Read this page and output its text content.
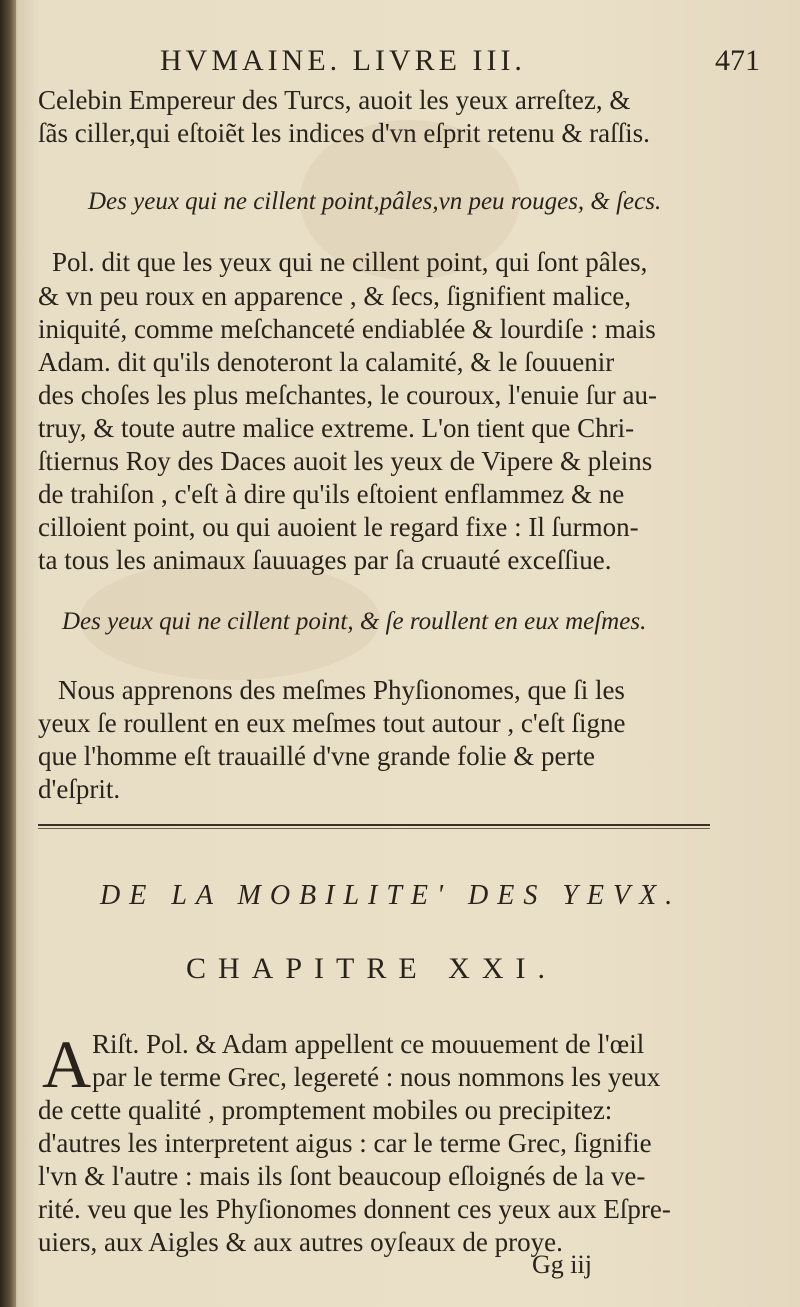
HVMAINE. LIVRE III.	471
Celebin Empereur des Turcs, auoit les yeux arreſtez, &
ſãs ciller,qui eſtoiẽt les indices d'vn eſprit retenu & raſſis.
Des yeux qui ne cillent point,pâles,vn peu rouges, & ſecs.
Pol. dit que les yeux qui ne cillent point, qui ſont pâles,
& vn peu roux en apparence , & ſecs, ſignifient malice,
iniquité, comme meſchanceté endiablée & lourdiſe : mais
Adam. dit qu'ils denoteront la calamité, & le ſouuenir
des choſes les plus meſchantes, le couroux, l'enuie ſur au-
truy, & toute autre malice extreme. L'on tient que Chri-
ſtiernus Roy des Daces auoit les yeux de Vipere & pleins
de trahiſon , c'eſt à dire qu'ils eſtoient enflammez & ne
cilloient point, ou qui auoient le regard fixe : Il ſurmon-
ta tous les animaux ſauuages par ſa cruauté exceſſiue.
Des yeux qui ne cillent point, & ſe roullent en eux meſmes.
Nous apprenons des meſmes Phyſionomes, que ſi les
yeux ſe roullent en eux meſmes tout autour , c'eſt ſigne
que l'homme eſt trauaillé d'vne grande folie & perte
d'eſprit.
DE LA MOBILITE' DES YEVX.
CHAPITRE XXI.
A Riſt. Pol. & Adam appellent ce mouuement de l'œil
par le terme Grec, legereté : nous nommons les yeux
de cette qualité , promptement mobiles ou precipitez:
d'autres les interpretent aigus : car le terme Grec, ſignifie
l'vn & l'autre : mais ils ſont beaucoup eſloignés de la ve-
rité. veu que les Phyſionomes donnent ces yeux aux Eſpre-
uiers, aux Aigles & aux autres oyſeaux de proye.
Gg iij
